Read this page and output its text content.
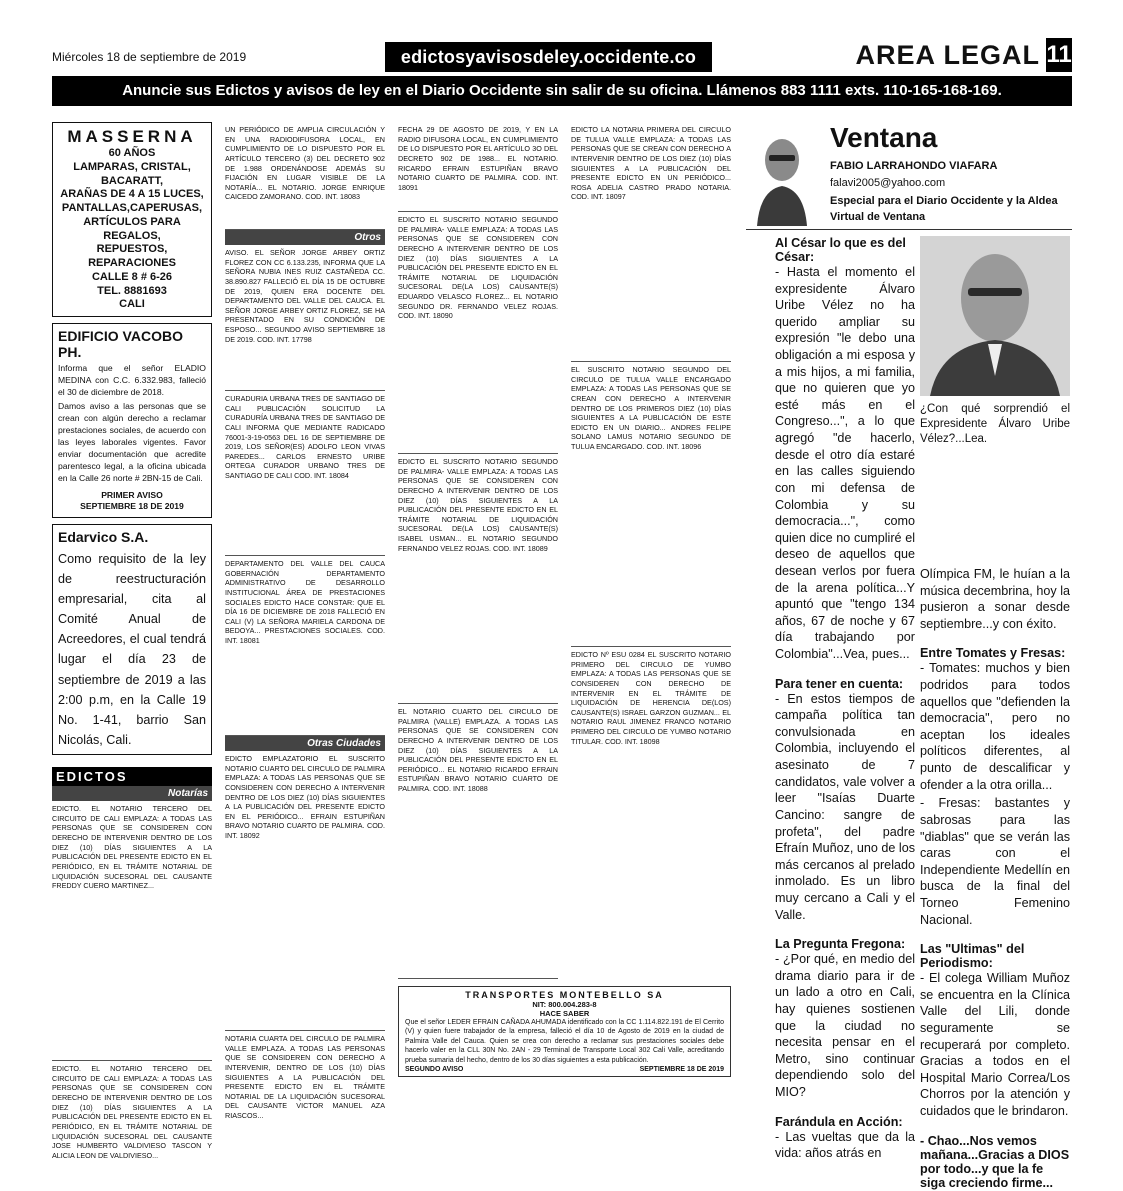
Miércoles 18 de septiembre de 2019	edictosyavisosdeley.occidente.co	AREA LEGAL 11
Anuncie sus Edictos y avisos de ley en el Diario Occidente sin salir de su oficina. Llámenos 883 1111 exts. 110-165-168-169.
MASSERNA
60 AÑOS
LAMPARAS, CRISTAL, BACARATT,
ARAÑAS DE 4 A 15 LUCES,
PANTALLAS,CAPERUSAS,
ARTÍCULOS PARA REGALOS,
REPUESTOS, REPARACIONES
CALLE 8 # 6-26
TEL. 8881693
CALI
EDIFICIO VACOBO PH.

Informa que el señor ELADIO MEDINA con C.C. 6.332.983, falleció el 30 de diciembre de 2018.

Damos aviso a las personas que se crean con algún derecho a reclamar prestaciones sociales, de acuerdo con las leyes laborales vigentes. Favor enviar documentación que acredite parentesco legal, a la oficina ubicada en la Calle 26 norte # 2BN-15 de Cali.

PRIMER AVISO
SEPTIEMBRE 18 DE 2019
Edarvico S.A.

Como requisito de la ley de reestructuración empresarial, cita al Comité Anual de Acreedores, el cual tendrá lugar el día 23 de septiembre de 2019 a las 2:00 p.m, en la Calle 19 No. 1-41, barrio San Nicolás, Cali.

EDICTOS
Notarías
EDICTO. EL NOTARIO TERCERO DEL CIRCUITO DE CALI EMPLAZA: A TODAS LAS PERSONAS QUE SE CONSIDEREN CON DERECHO DE INTERVENIR DENTRO DE LOS DIEZ (10) DÍAS SIGUIENTES A LA PUBLICACIÓN DEL PRESENTE EDICTO EN EL PERIÓDICO, EN EL TRÁMITE NOTARIAL DE LIQUIDACIÓN SUCESORAL DEL CAUSANTE FREDDY CUERO MARTINEZ...
EDICTO. EL NOTARIO TERCERO DEL CIRCUITO DE CALI EMPLAZA: A TODAS LAS PERSONAS QUE SE CONSIDEREN CON DERECHO DE INTERVENIR DENTRO DE LOS DIEZ (10) DÍAS SIGUIENTES A LA PUBLICACIÓN DEL PRESENTE EDICTO EN EL PERIÓDICO, EN EL TRÁMITE NOTARIAL DE LIQUIDACIÓN SUCESORAL DEL CAUSANTE JOSE HUMBERTO VALDIVIESO TASCON Y ALICIA LEON DE VALDIVIESO...
UN PERIÓDICO DE AMPLIA CIRCULACIÓN Y EN UNA RADIODIFUSORA LOCAL, EN CUMPLIMIENTO DE LO DISPUESTO POR EL ARTÍCULO TERCERO (3) DEL DECRETO 902 DE 1.988 ORDENÁNDOSE ADEMÁS SU FIJACIÓN EN LUGAR VISIBLE DE LA NOTARÍA... EL NOTARIO. JORGE ENRIQUE CAICEDO ZAMORANO. COD. INT. 18083
Otros
AVISO. EL SEÑOR JORGE ARBEY ORTIZ FLOREZ CON CC 6.133.235, INFORMA QUE LA SEÑORA NUBIA INES RUIZ CASTAÑEDA CC. 38.890.827 FALLECIÓ EL DÍA 15 DE OCTUBRE DE 2019, QUIEN ERA DOCENTE DEL DEPARTAMENTO DEL VALLE DEL CAUCA. EL SEÑOR JORGE ARBEY ORTIZ FLOREZ, SE HA PRESENTADO EN SU CONDICIÓN DE ESPOSO... SEGUNDO AVISO SEPTIEMBRE 18 DE 2019. COD. INT. 17798
CURADURIA URBANA TRES DE SANTIAGO DE CALI PUBLICACIÓN SOLICITUD LA CURADURÍA URBANA TRES DE SANTIAGO DE CALI INFORMA QUE MEDIANTE RADICADO 76001-3-19-0563 DEL 16 DE SEPTIEMBRE DE 2019, LOS SEÑOR(ES) ADOLFO LEON VIVAS PAREDES... CARLOS ERNESTO URIBE ORTEGA CURADOR URBANO TRES DE SANTIAGO DE CALI COD. INT. 18084
DEPARTAMENTO DEL VALLE DEL CAUCA GOBERNACIÓN DEPARTAMENTO ADMINISTRATIVO DE DESARROLLO INSTITUCIONAL ÁREA DE PRESTACIONES SOCIALES EDICTO HACE CONSTAR: QUE EL DÍA 16 DE DICIEMBRE DE 2018 FALLECIÓ EN CALI (V) LA SEÑORA MARIELA CARDONA DE BEDOYA... PRESTACIONES SOCIALES. COD. INT. 18081
Otras Ciudades
EDICTO EMPLAZATORIO EL SUSCRITO NOTARIO CUARTO DEL CIRCULO DE PALMIRA EMPLAZA: A TODAS LAS PERSONAS QUE SE CONSIDEREN CON DERECHO A INTERVENIR DENTRO DE LOS DIEZ (10) DÍAS SIGUIENTES A LA PUBLICACIÓN DEL PRESENTE EDICTO EN EL PERIÓDICO... EFRAIN ESTUPIÑAN BRAVO NOTARIO CUARTO DE PALMIRA. COD. INT. 18092
NOTARIA CUARTA DEL CIRCULO DE PALMIRA VALLE EMPLAZA. A TODAS LAS PERSONAS QUE SE CONSIDEREN CON DERECHO A INTERVENIR, DENTRO DE LOS (10) DÍAS SIGUIENTES A LA PUBLICACIÓN DEL PRESENTE EDICTO EN EL TRÁMITE NOTARIAL DE LA LIQUIDACIÓN SUCESORAL DEL CAUSANTE VICTOR MANUEL AZA RIASCOS...
FECHA 29 DE AGOSTO DE 2019, Y EN LA RADIO DIFUSORA LOCAL, EN CUMPLIMIENTO DE LO DISPUESTO POR EL ARTÍCULO 3O DEL DECRETO 902 DE 1988... EL NOTARIO. RICARDO EFRAIN ESTUPIÑAN BRAVO NOTARIO CUARTO DE PALMIRA. COD. INT. 18091
EDICTO EL SUSCRITO NOTARIO SEGUNDO DE PALMIRA- VALLE EMPLAZA: A TODAS LAS PERSONAS QUE SE CONSIDEREN CON DERECHO A INTERVENIR DENTRO DE LOS DIEZ (10) DÍAS SIGUIENTES A LA PUBLICACIÓN DEL PRESENTE EDICTO EN EL TRÁMITE NOTARIAL DE LIQUIDACIÓN SUCESORAL DE(LA LOS) CAUSANTE(S) EDUARDO VELASCO FLOREZ... EL NOTARIO SEGUNDO DR. FERNANDO VELEZ ROJAS. COD. INT. 18090
EDICTO EL SUSCRITO NOTARIO SEGUNDO DE PALMIRA- VALLE EMPLAZA: A TODAS LAS PERSONAS QUE SE CONSIDEREN CON DERECHO A INTERVENIR DENTRO DE LOS DIEZ (10) DÍAS SIGUIENTES A LA PUBLICACIÓN DEL PRESENTE EDICTO EN EL TRÁMITE NOTARIAL DE LIQUIDACIÓN SUCESORAL DE(LA LOS) CAUSANTE(S) ISABEL USMAN... EL NOTARIO SEGUNDO FERNANDO VELEZ ROJAS. COD. INT. 18089
EL NOTARIO CUARTO DEL CIRCULO DE PALMIRA (VALLE) EMPLAZA. A TODAS LAS PERSONAS QUE SE CONSIDEREN CON DERECHO A INTERVENIR DENTRO DE LOS DIEZ (10) DÍAS SIGUIENTES A LA PUBLICACIÓN DEL PRESENTE EDICTO EN EL PERIÓDICO... EL NOTARIO RICARDO EFRAIN ESTUPIÑAN BRAVO NOTARIO CUARTO DE PALMIRA. COD. INT. 18088
EDICTO LA NOTARIA PRIMERA DEL CIRCULO DE TULUA VALLE EMPLAZA: A TODAS LAS PERSONAS QUE SE CREAN CON DERECHO A INTERVENIR DENTRO DE LOS DIEZ (10) DÍAS SIGUIENTES A LA PUBLICACIÓN DEL PRESENTE EDICTO EN UN PERIÓDICO... ROSA ADELIA CASTRO PRADO NOTARIA. COD. INT. 18097
EL SUSCRITO NOTARIO SEGUNDO DEL CIRCULO DE TULUA VALLE ENCARGADO EMPLAZA: A TODAS LAS PERSONAS QUE SE CREAN CON DERECHO A INTERVENIR DENTRO DE LOS PRIMEROS DIEZ (10) DÍAS SIGUIENTES A LA PUBLICACIÓN DE ESTE EDICTO EN UN DIARIO... ANDRES FELIPE SOLANO LAMUS NOTARIO SEGUNDO DE TULUA ENCARGADO. COD. INT. 18096
EDICTO Nº ESU 0284 EL SUSCRITO NOTARIO PRIMERO DEL CIRCULO DE YUMBO EMPLAZA: A TODAS LAS PERSONAS QUE SE CONSIDEREN CON DERECHO DE INTERVENIR EN EL TRÁMITE DE LIQUIDACIÓN DE HERENCIA DE(LOS) CAUSANTE(S) ISRAEL GARZON GUZMAN... EL NOTARIO RAUL JIMENEZ FRANCO NOTARIO PRIMERO DEL CIRCULO DE YUMBO NOTARIO TITULAR. COD. INT. 18098
TRANSPORTES MONTEBELLO SA
NIT: 800.004.283-8
HACE SABER

Que el señor LEDER EFRAIN CAÑADA AHUMADA identificado con la CC 1.114.822.191 de El Cerrito (V) y quien fuere trabajador de la empresa, falleció el día 10 de Agosto de 2019 en la ciudad de Palmira Valle del Cauca. Quien se crea con derecho a reclamar sus prestaciones sociales debe hacerlo valer en la CLL 30N No. 2AN - 29 Terminal de Transporte Local 302 Cali Valle, acreditando prueba sumaria del hecho, dentro de los 30 días siguientes a esta publicación.

SEGUNDO AVISO	SEPTIEMBRE 18 DE 2019
Ventana
FABIO LARRAHONDO VIAFARA
falavi2005@yahoo.com
Especial para el Diario Occidente y la Aldea Virtual de Ventana
Al César lo que es del César:

- Hasta el momento el expresidente Álvaro Uribe Vélez no ha querido ampliar su expresión "le debo una obligación a mi esposa y a mis hijos, a mi familia, que no quieren que yo esté más en el Congreso...", a lo que agregó "de hacerlo, desde el otro día estaré en las calles siguiendo con mi defensa de Colombia y su democracia...", como quien dice no cumpliré el deseo de aquellos que desean verlos por fuera de la arena política...Y apuntó que "tengo 134 años, 67 de noche y 67 día trabajando por Colombia"...Vea, pues...

Para tener en cuenta:

- En estos tiempos de campaña política tan convulsionada en Colombia, incluyendo el asesinato de 7 candidatos, vale volver a leer "Isaías Duarte Cancino: sangre de profeta", del padre Efraín Muñoz, uno de los más cercanos al prelado inmolado. Es un libro muy cercano a Cali y el Valle.

La Pregunta Fregona:

- ¿Por qué, en medio del drama diario para ir de un lado a otro en Cali, hay quienes sostienen que la ciudad no necesita pensar en el Metro, sino continuar dependiendo solo del MIO?

Farándula en Acción:

- Las vueltas que da la vida: años atrás en

¿Con qué sorprendió el Expresidente Álvaro Uribe Vélez?...Lea.

Olímpica FM, le huían a la música decembrina, hoy la pusieron a sonar desde septiembre...y con éxito.

Entre Tomates y Fresas:

- Tomates: muchos y bien podridos para todos aquellos que "defienden la democracia", pero no aceptan los ideales políticos diferentes, al punto de descalificar y ofender a la otra orilla...

- Fresas: bastantes y sabrosas para las "diablas" que se verán las caras con el Independiente Medellín en busca de la final del Torneo Femenino Nacional.

Las "Ultimas" del Periodismo:

- El colega William Muñoz se encuentra en la Clínica Valle del Lili, donde seguramente se recuperará por completo. Gracias a todos en el Hospital Mario Correa/Los Chorros por la atención y cuidados que le brindaron.

- Chao...Nos vemos mañana...Gracias a DIOS por todo...y que la fe siga creciendo firme...
